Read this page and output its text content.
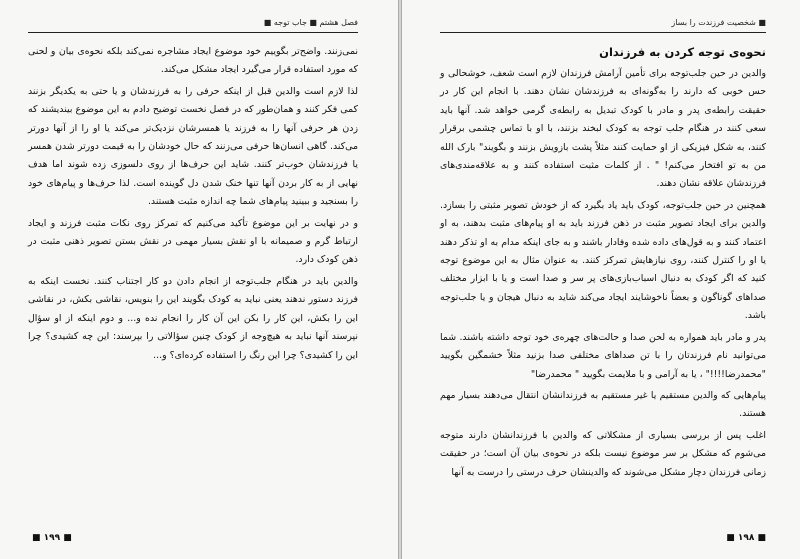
فصل هشتم ■ جاب توجه ■

نمی‌زنند. واضح‌تر بگوییم خود موضوع ایجاد مشاجره نمی‌کند بلکه نحوه‌ی بیان و لحنی که مورد استفاده قرار می‌گیرد ایجاد مشکل می‌کند.

لذا لازم است والدین قبل از اینکه حرفی را به فرزندشان و یا حتی به یکدیگر بزنند کمی فکر کنند و همان‌طور که در فصل نخست توضیح دادم به این موضوع بیندیشند که زدن هر حرفی آنها را به فرزند یا همسرشان نزدیک‌تر می‌کند یا او را از آنها دورتر می‌کند. گاهی انسان‌ها حرفی می‌زنند که حال خودشان را به قیمت دورتر شدن همسر یا فرزندشان خوب‌تر کنند. شاید این حرف‌ها از روی دلسوزی زده شوند اما هدف نهایی از به کار بردن آنها تنها خنک شدن دل گوینده است. لذا حرف‌ها و پیام‌های خود را بسنجید و ببینید پیام‌های شما چه اندازه مثبت هستند.

و در نهایت بر این موضوع تأکید می‌کنیم که تمرکز روی نکات مثبت فرزند و ایجاد ارتباط گرم و صمیمانه با او نقش بسیار مهمی در نقش بستن تصویر ذهنی مثبت در ذهن کودک دارد.

والدین باید در هنگام جلب‌توجه از انجام دادن دو کار اجتناب کنند. نخست اینکه به فرزند دستور ندهند یعنی نباید به کودک بگویند این را بنویس، نقاشی بکش، در نقاشی این را بکش، این کار را بکن این آن کار را انجام نده و... و دوم اینکه از او سؤال نپرسند آنها نباید به هیچ‌وجه از کودک چنین سؤالاتی را بپرسند: این چه کشیدی؟ چرا این را کشیدی؟ چرا این رنگ را استفاده کرده‌ای؟ و...

■ ۱۹۹ ■
■ شخصیت فرزندت را بساز
نحوه‌ی توجه کردن به فرزندان

والدین در حین جلب‌توجه برای تأمین آرامش فرزندان لازم است شعف، خوشحالی و حس خوبی که دارند را به‌گونه‌ای به فرزندشان نشان دهند. با انجام این کار در حقیقت رابطه‌ی پدر و مادر با کودک تبدیل به رابطه‌ی گرمی خواهد شد. آنها باید سعی کنند در هنگام جلب توجه به کودک لبخند بزنند، با او با تماس چشمی برقرار کنند، به شکل فیزیکی از او حمایت کنند مثلاً پشت بازویش بزنند و بگویند" بارک الله من به تو افتخار می‌کنم! " . از کلمات مثبت استفاده کنند و به علاقه‌مندی‌های فرزندشان علاقه نشان دهند.

همچنین در حین جلب‌توجه، کودک باید یاد بگیرد که از خودش تصویر مثبتی را بسازد. والدین برای ایجاد تصویر مثبت در ذهن فرزند باید به او پیام‌های مثبت بدهند، به او اعتماد کنند و به قول‌های داده شده وفادار باشند و به جای اینکه مدام به او تذکر دهند یا او را کنترل کنند، روی نیازهایش تمرکز کنند. به عنوان مثال به این موضوع توجه کنید که اگر کودک به دنبال اسباب‌بازی‌های پر سر و صدا است و یا با ابزار مختلف صداهای گوناگون و بعضاً ناخوشایند ایجاد می‌کند شاید به دنبال هیجان و یا جلب‌توجه باشد.

پدر و مادر باید همواره به لحن صدا و حالت‌های چهره‌ی خود توجه داشته باشند. شما می‌توانید نام فرزندتان را با تن صداهای مختلفی صدا بزنید مثلاً خشمگین بگویید "محمدرضا!!!!" ، یا به آرامی و با ملایمت بگویید " محمدرضا"

پیام‌هایی که والدین مستقیم یا غیر مستقیم به فرزندانشان انتقال می‌دهند بسیار مهم هستند.

اغلب پس از بررسی بسیاری از مشکلاتی که والدین با فرزندانشان دارند متوجه می‌شوم که مشکل بر سر موضوع نیست بلکه در نحوه‌ی بیان آن است؛ در حقیقت زمانی فرزندان دچار مشکل می‌شوند که والدینشان حرف درستی را درست به آنها

■ ۱۹۸ ■
